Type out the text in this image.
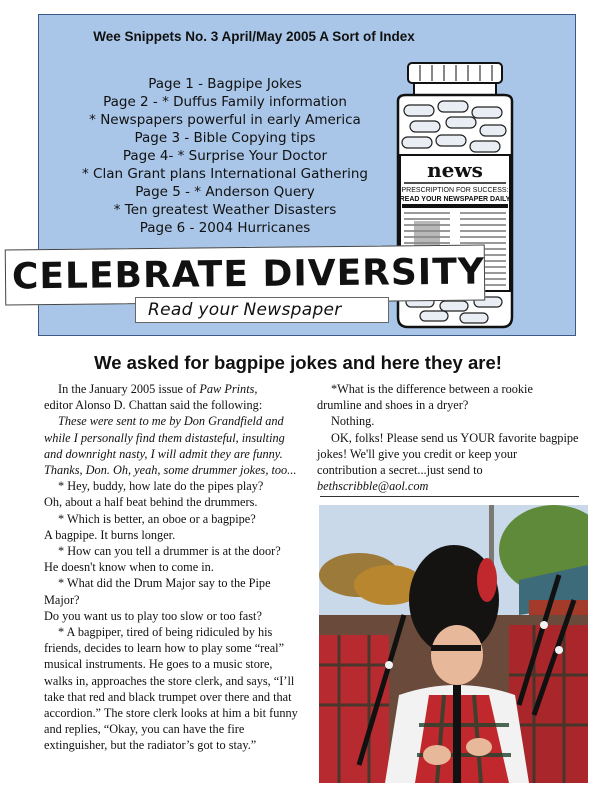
Wee Snippets No. 3 April/May 2005 A Sort of Index
Page 1 - Bagpipe Jokes
Page 2 - * Duffus Family information
* Newspapers powerful in early America
Page 3 - Bible Copying tips
Page 4- * Surprise Your Doctor
* Clan Grant plans International Gathering
Page 5 - * Anderson Query
* Ten greatest Weather Disasters
Page 6 - 2004 Hurricanes
news
PRESCRIPTION FOR SUCCESS:
READ YOUR NEWSPAPER DAILY
CELEBRATE DIVERSITY
Read your Newspaper
We asked for bagpipe jokes and here they are!

In the January 2005 issue of Paw Prints,

editor Alonso D. Chattan said the following:

These were sent to me by Don Grandfield and while I personally find them distasteful, insulting and downright nasty, I will admit they are funny. Thanks, Don. Oh, yeah, some drummer jokes, too...

* Hey, buddy, how late do the pipes play?

Oh, about a half beat behind the drummers.

* Which is better, an oboe or a bagpipe?

A bagpipe. It burns longer.

* How can you tell a drummer is at the door?

He doesn't know when to come in.

* What did the Drum Major say to the Pipe Major?

Do you want us to play too slow or too fast?

* A bagpiper, tired of being ridiculed by his friends, decides to learn how to play some “real” musical instruments. He goes to a music store, walks in, approaches the store clerk, and says, “I’ll take that red and black trumpet over there and that accordion.” The store clerk looks at him a bit funny and replies, “Okay, you can have the fire extinguisher, but the radiator’s got to stay.”

*What is the difference between a rookie drumline and shoes in a dryer?

Nothing.

OK, folks! Please send us YOUR favorite bagpipe jokes! We'll give you credit or keep your contribution a secret...just send to

bethscribble@aol.com
